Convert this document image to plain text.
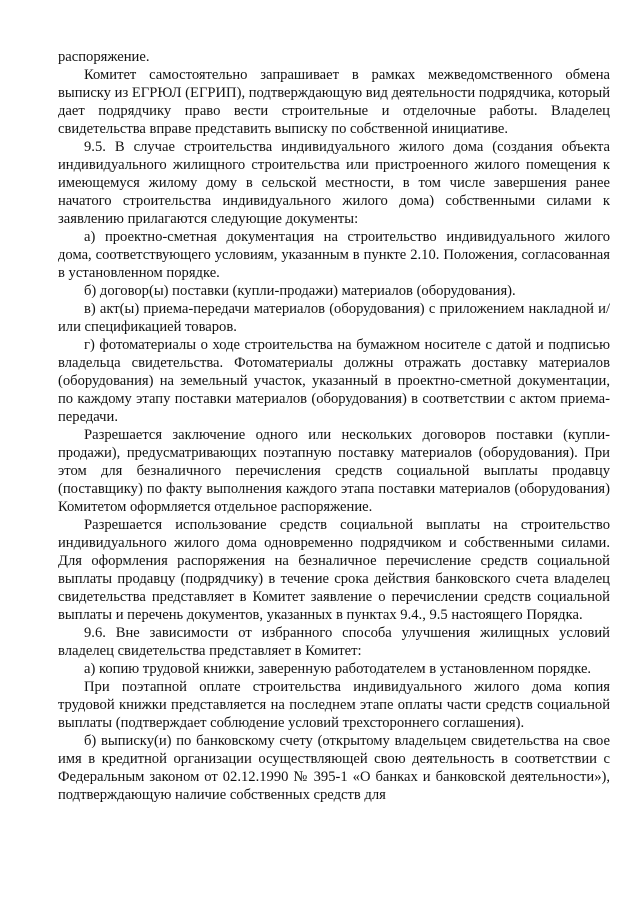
распоряжение.

Комитет самостоятельно запрашивает в рамках межведомственного обмена выписку из ЕГРЮЛ (ЕГРИП), подтверждающую вид деятельности подрядчика, который дает подрядчику право вести строительные и отделочные работы. Владелец свидетельства вправе представить выписку по собственной инициативе.

9.5. В случае строительства индивидуального жилого дома (создания объекта индивидуального жилищного строительства или пристроенного жилого помещения к имеющемуся жилому дому в сельской местности, в том числе завершения ранее начатого строительства индивидуального жилого дома) собственными силами к заявлению прилагаются следующие документы:

а) проектно-сметная документация на строительство индивидуального жилого дома, соответствующего условиям, указанным в пункте 2.10. Положения, согласованная в установленном порядке.

б) договор(ы) поставки (купли-продажи) материалов (оборудования).

в) акт(ы) приема-передачи материалов (оборудования) с приложением накладной и/или спецификацией товаров.

г) фотоматериалы о ходе строительства на бумажном носителе с датой и подписью владельца свидетельства. Фотоматериалы должны отражать доставку материалов (оборудования) на земельный участок, указанный в проектно-сметной документации, по каждому этапу поставки материалов (оборудования) в соответствии с актом приема-передачи.

Разрешается заключение одного или нескольких договоров поставки (купли-продажи), предусматривающих поэтапную поставку материалов (оборудования). При этом для безналичного перечисления средств социальной выплаты продавцу (поставщику) по факту выполнения каждого этапа поставки материалов (оборудования) Комитетом оформляется отдельное распоряжение.

Разрешается использование средств социальной выплаты на строительство индивидуального жилого дома одновременно подрядчиком и собственными силами. Для оформления распоряжения на безналичное перечисление средств социальной выплаты продавцу (подрядчику) в течение срока действия банковского счета владелец свидетельства представляет в Комитет заявление о перечислении средств социальной выплаты и перечень документов, указанных в пунктах 9.4., 9.5 настоящего Порядка.

9.6. Вне зависимости от избранного способа улучшения жилищных условий владелец свидетельства представляет в Комитет:

а) копию трудовой книжки, заверенную работодателем в установленном порядке.

При поэтапной оплате строительства индивидуального жилого дома копия трудовой книжки представляется на последнем этапе оплаты части средств социальной выплаты (подтверждает соблюдение условий трехстороннего соглашения).

б) выписку(и) по банковскому счету (открытому владельцем свидетельства на свое имя в кредитной организации осуществляющей свою деятельность в соответствии с Федеральным законом от 02.12.1990 № 395-1 «О банках и банковской деятельности»), подтверждающую наличие собственных средств для
